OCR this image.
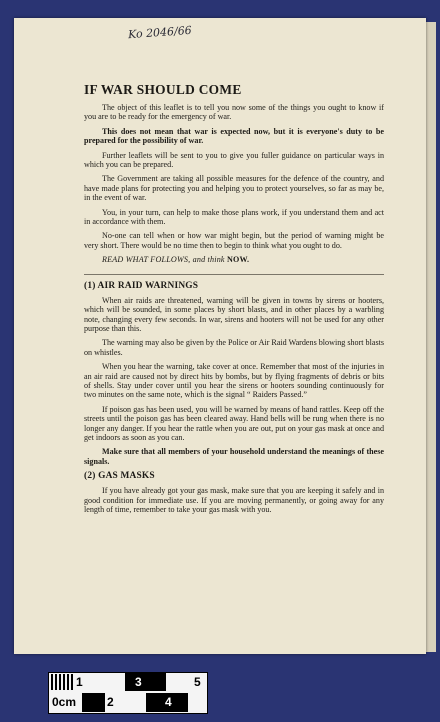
Ko 2046/66
IF WAR SHOULD COME

The object of this leaflet is to tell you now some of the things you ought to know if you are to be ready for the emergency of war.

This does not mean that war is expected now, but it is everyone's duty to be prepared for the possibility of war.

Further leaflets will be sent to you to give you fuller guidance on particular ways in which you can be prepared.

The Government are taking all possible measures for the defence of the country, and have made plans for protecting you and helping you to protect yourselves, so far as may be, in the event of war.

You, in your turn, can help to make those plans work, if you understand them and act in accordance with them.

No-one can tell when or how war might begin, but the period of warning might be very short. There would be no time then to begin to think what you ought to do.

READ WHAT FOLLOWS, and think NOW.

(1) AIR RAID WARNINGS

When air raids are threatened, warning will be given in towns by sirens or hooters, which will be sounded, in some places by short blasts, and in other places by a warbling note, changing every few seconds. In war, sirens and hooters will not be used for any other purpose than this.

The warning may also be given by the Police or Air Raid Wardens blowing short blasts on whistles.

When you hear the warning, take cover at once. Remember that most of the injuries in an air raid are caused not by direct hits by bombs, but by flying fragments of debris or bits of shells. Stay under cover until you hear the sirens or hooters sounding continuously for two minutes on the same note, which is the signal “ Raiders Passed.”

If poison gas has been used, you will be warned by means of hand rattles. Keep off the streets until the poison gas has been cleared away. Hand bells will be rung when there is no longer any danger. If you hear the rattle when you are out, put on your gas mask at once and get indoors as soon as you can.

Make sure that all members of your household understand the meanings of these signals.

(2) GAS MASKS

If you have already got your gas mask, make sure that you are keeping it safely and in good condition for immediate use. If you are moving permanently, or going away for any length of time, remember to take your gas mask with you.

1	3	5
0cm	2	4
